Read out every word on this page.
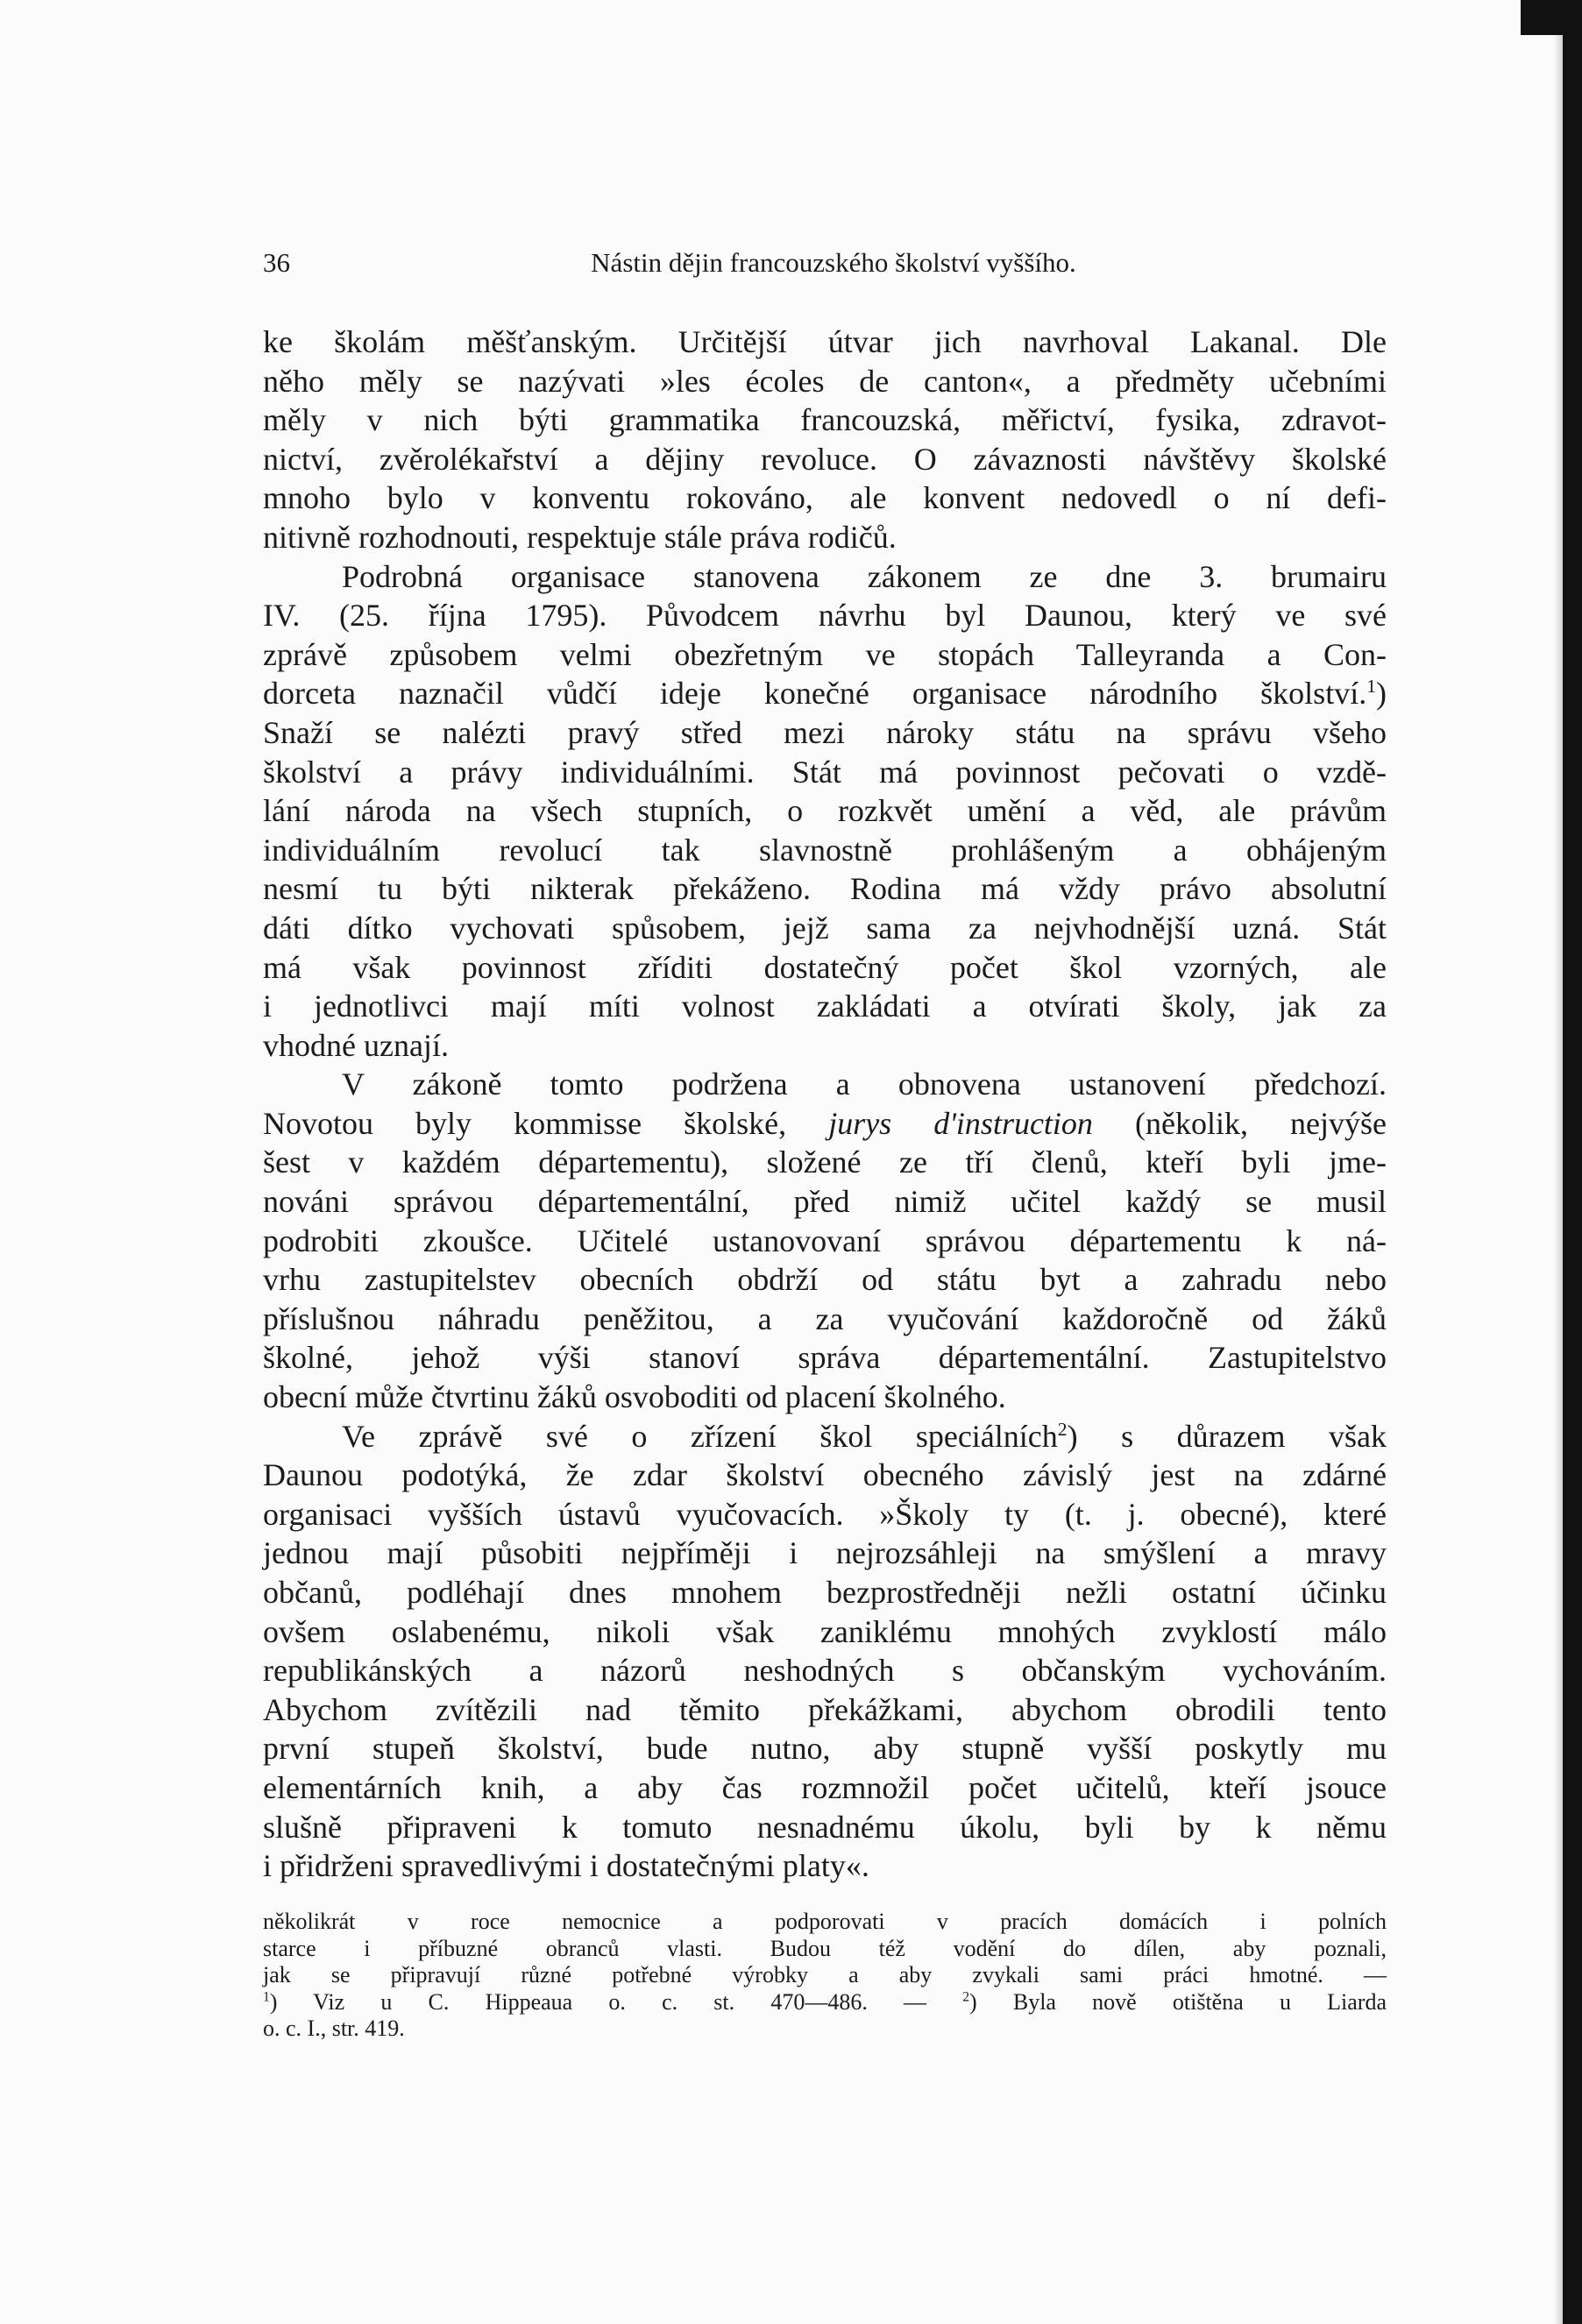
36	Nástin dějin francouzského školství vyššího.
ke školám měšťanským. Určitější útvar jich navrhoval Lakanal. Dle
něho měly se nazývati »les écoles de canton«, a předměty učebními
měly v nich býti grammatika francouzská, měřictví, fysika, zdravot-
nictví, zvěrolékařství a dějiny revoluce. O závaznosti návštěvy školské
mnoho bylo v konventu rokováno, ale konvent nedovedl o ní defi-
nitivně rozhodnouti, respektuje stále práva rodičů.
Podrobná organisace stanovena zákonem ze dne 3. brumairu
IV. (25. října 1795). Původcem návrhu byl Daunou, který ve své
zprávě způsobem velmi obezřetným ve stopách Talleyranda a Con-
dorceta naznačil vůdčí ideje konečné organisace národního školství.$^1$)
Snaží se nalézti pravý střed mezi nároky státu na správu všeho
školství a právy individuálními. Stát má povinnost pečovati o vzdě-
lání národa na všech stupních, o rozkvět umění a věd, ale právům
individuálním revolucí tak slavnostně prohlášeným a obhájeným
nesmí tu býti nikterak překáženo. Rodina má vždy právo absolutní
dáti dítko vychovati spůsobem, jejž sama za nejvhodnější uzná. Stát
má však povinnost zříditi dostatečný počet škol vzorných, ale
i jednotlivci mají míti volnost zakládati a otvírati školy, jak za
vhodné uznají.
V zákoně tomto podržena a obnovena ustanovení předchozí.
Novotou byly kommisse školské, jurys d'instruction (několik, nejvýše
šest v každém départementu), složené ze tří členů, kteří byli jme-
nováni správou départementální, před nimiž učitel každý se musil
podrobiti zkoušce. Učitelé ustanovovaní správou départementu k ná-
vrhu zastupitelstev obecních obdrží od státu byt a zahradu nebo
příslušnou náhradu peněžitou, a za vyučování každoročně od žáků
školné, jehož výši stanoví správa départementální. Zastupitelstvo
obecní může čtvrtinu žáků osvoboditi od placení školného.
Ve zprávě své o zřízení škol speciálních$^2$) s důrazem však
Daunou podotýká, že zdar školství obecného závislý jest na zdárné
organisaci vyšších ústavů vyučovacích. »Školy ty (t. j. obecné), které
jednou mají působiti nejpříměji i nejrozsáhleji na smýšlení a mravy
občanů, podléhají dnes mnohem bezprostředněji nežli ostatní účinku
ovšem oslabenému, nikoli však zaniklému mnohých zvyklostí málo
republikánských a názorů neshodných s občanským vychováním.
Abychom zvítězili nad těmito překážkami, abychom obrodili tento
první stupeň školství, bude nutno, aby stupně vyšší poskytly mu
elementárních knih, a aby čas rozmnožil počet učitelů, kteří jsouce
slušně připraveni k tomuto nesnadnému úkolu, byli by k němu
i přidrženi spravedlivými i dostatečnými platy«.
několikrát v roce nemocnice a podporovati v pracích domácích i polních
starce i příbuzné obranců vlasti. Budou též vodění do dílen, aby poznali,
jak se připravují různé potřebné výrobky a aby zvykali sami práci hmotné. —
$^1$) Viz u C. Hippeaua o. c. st. 470—486. — $^2$) Byla nově otištěna u Liarda
o. c. I., str. 419.
